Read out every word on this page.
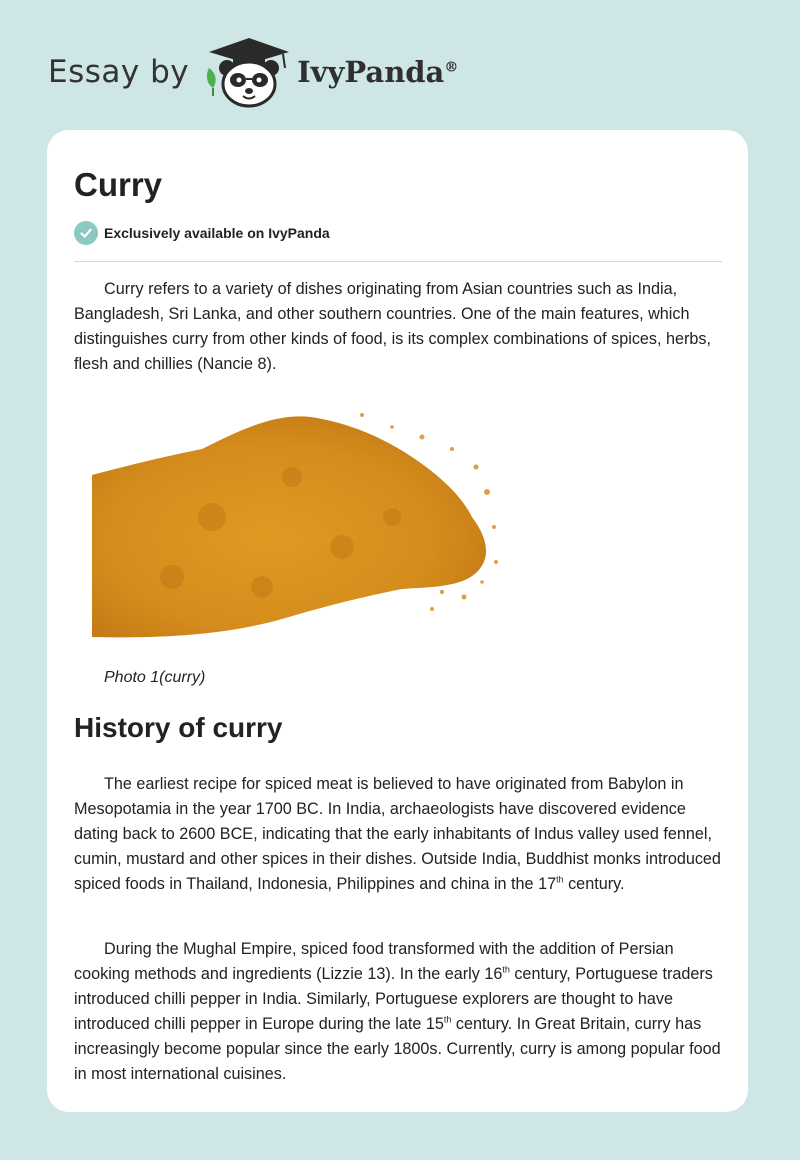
Essay by	IvyPanda®
Curry
Exclusively available on IvyPanda

Curry refers to a variety of dishes originating from Asian countries such as India, Bangladesh, Sri Lanka, and other southern countries. One of the main features, which distinguishes curry from other kinds of food, is its complex combinations of spices, herbs, flesh and chillies (Nancie 8).

Photo 1(curry)
History of curry

The earliest recipe for spiced meat is believed to have originated from Babylon in Mesopotamia in the year 1700 BC. In India, archaeologists have discovered evidence dating back to 2600 BCE, indicating that the early inhabitants of Indus valley used fennel, cumin, mustard and other spices in their dishes. Outside India, Buddhist monks introduced spiced foods in Thailand, Indonesia, Philippines and china in the 17th century.

During the Mughal Empire, spiced food transformed with the addition of Persian cooking methods and ingredients (Lizzie 13). In the early 16th century, Portuguese traders introduced chilli pepper in India. Similarly, Portuguese explorers are thought to have introduced chilli pepper in Europe during the late 15th century. In Great Britain, curry has increasingly become popular since the early 1800s. Currently, curry is among popular food in most international cuisines.
